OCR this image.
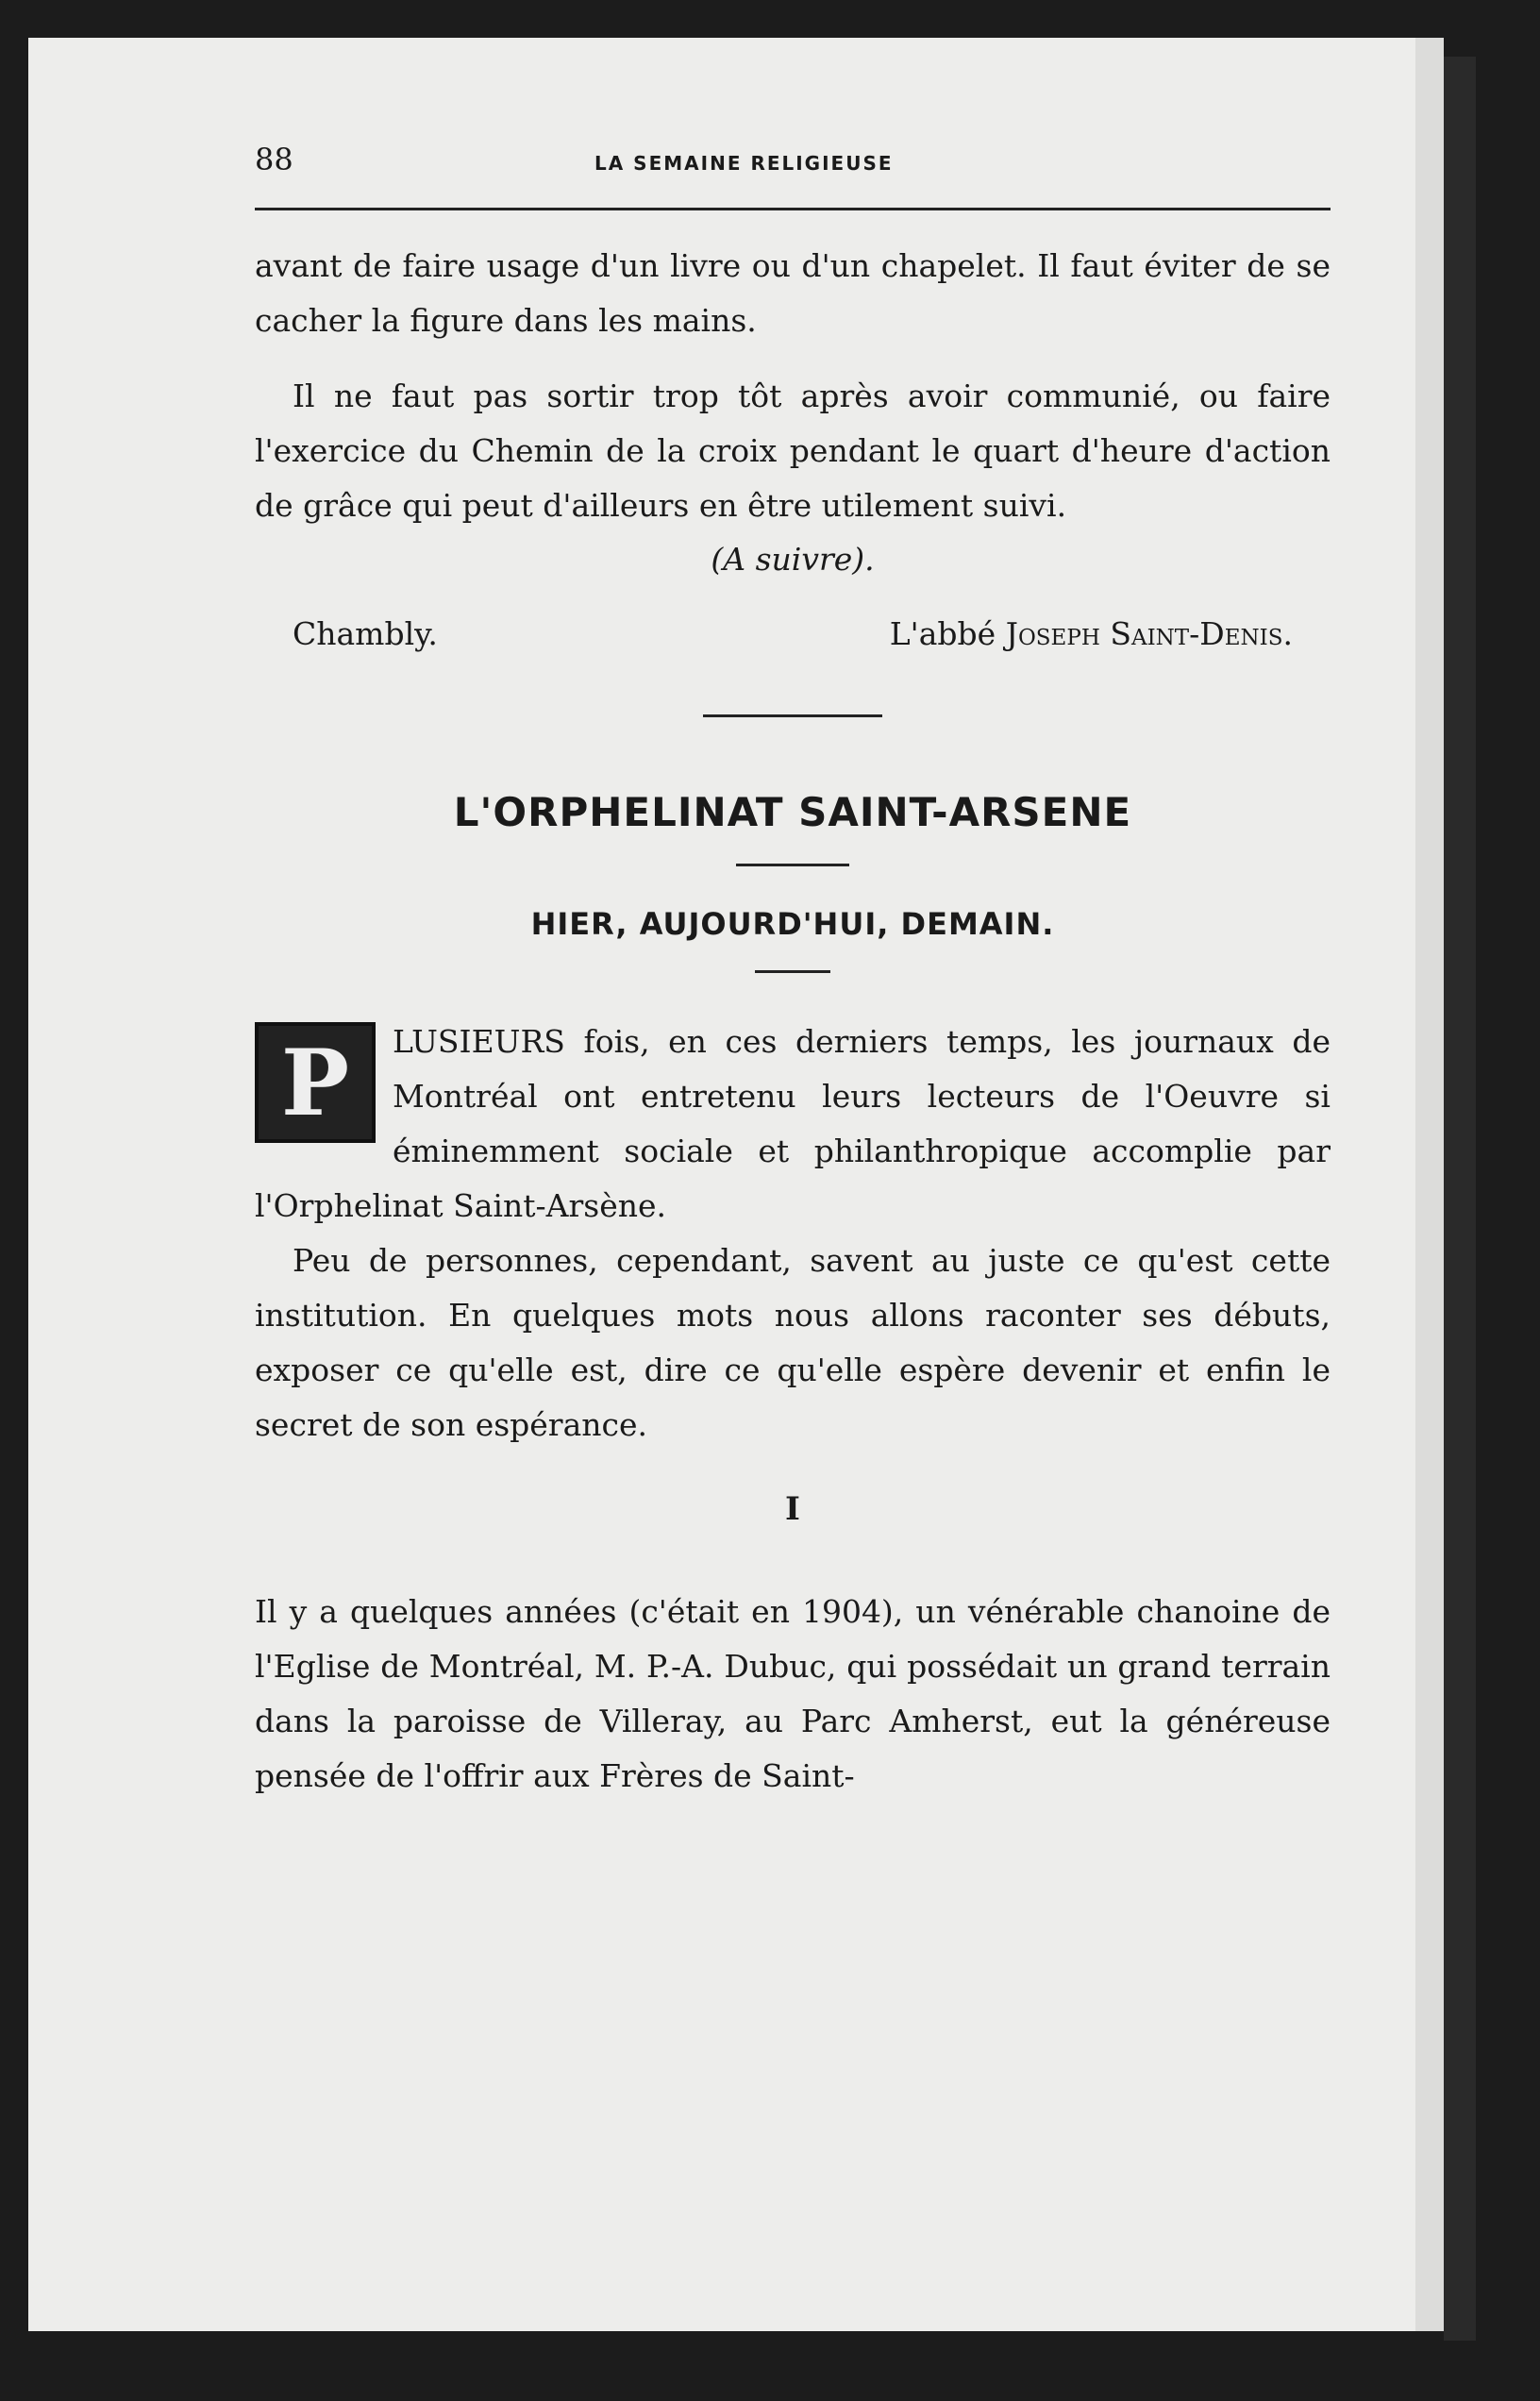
88	LA SEMAINE RELIGIEUSE

avant de faire usage d'un livre ou d'un chapelet. Il faut éviter de se cacher la figure dans les mains.

Il ne faut pas sortir trop tôt après avoir communié, ou faire l'exercice du Chemin de la croix pendant le quart d'heure d'action de grâce qui peut d'ailleurs en être utilement suivi.

(A suivre).
Chambly.	L'abbé Joseph Saint-Denis.
L'ORPHELINAT SAINT-ARSENE
HIER, AUJOURD'HUI, DEMAIN.
P	LUSIEURS fois, en ces derniers temps, les journaux de Montréal ont entretenu leurs lecteurs de l'Oeuvre si éminemment sociale et philanthropique accomplie par l'Orphelinat Saint-Arsène.

Peu de personnes, cependant, savent au juste ce qu'est cette institution. En quelques mots nous allons raconter ses débuts, exposer ce qu'elle est, dire ce qu'elle espère devenir et enfin le secret de son espérance.

I

Il y a quelques années (c'était en 1904), un vénérable chanoine de l'Eglise de Montréal, M. P.-A. Dubuc, qui possédait un grand terrain dans la paroisse de Villeray, au Parc Amherst, eut la généreuse pensée de l'offrir aux Frères de Saint-
